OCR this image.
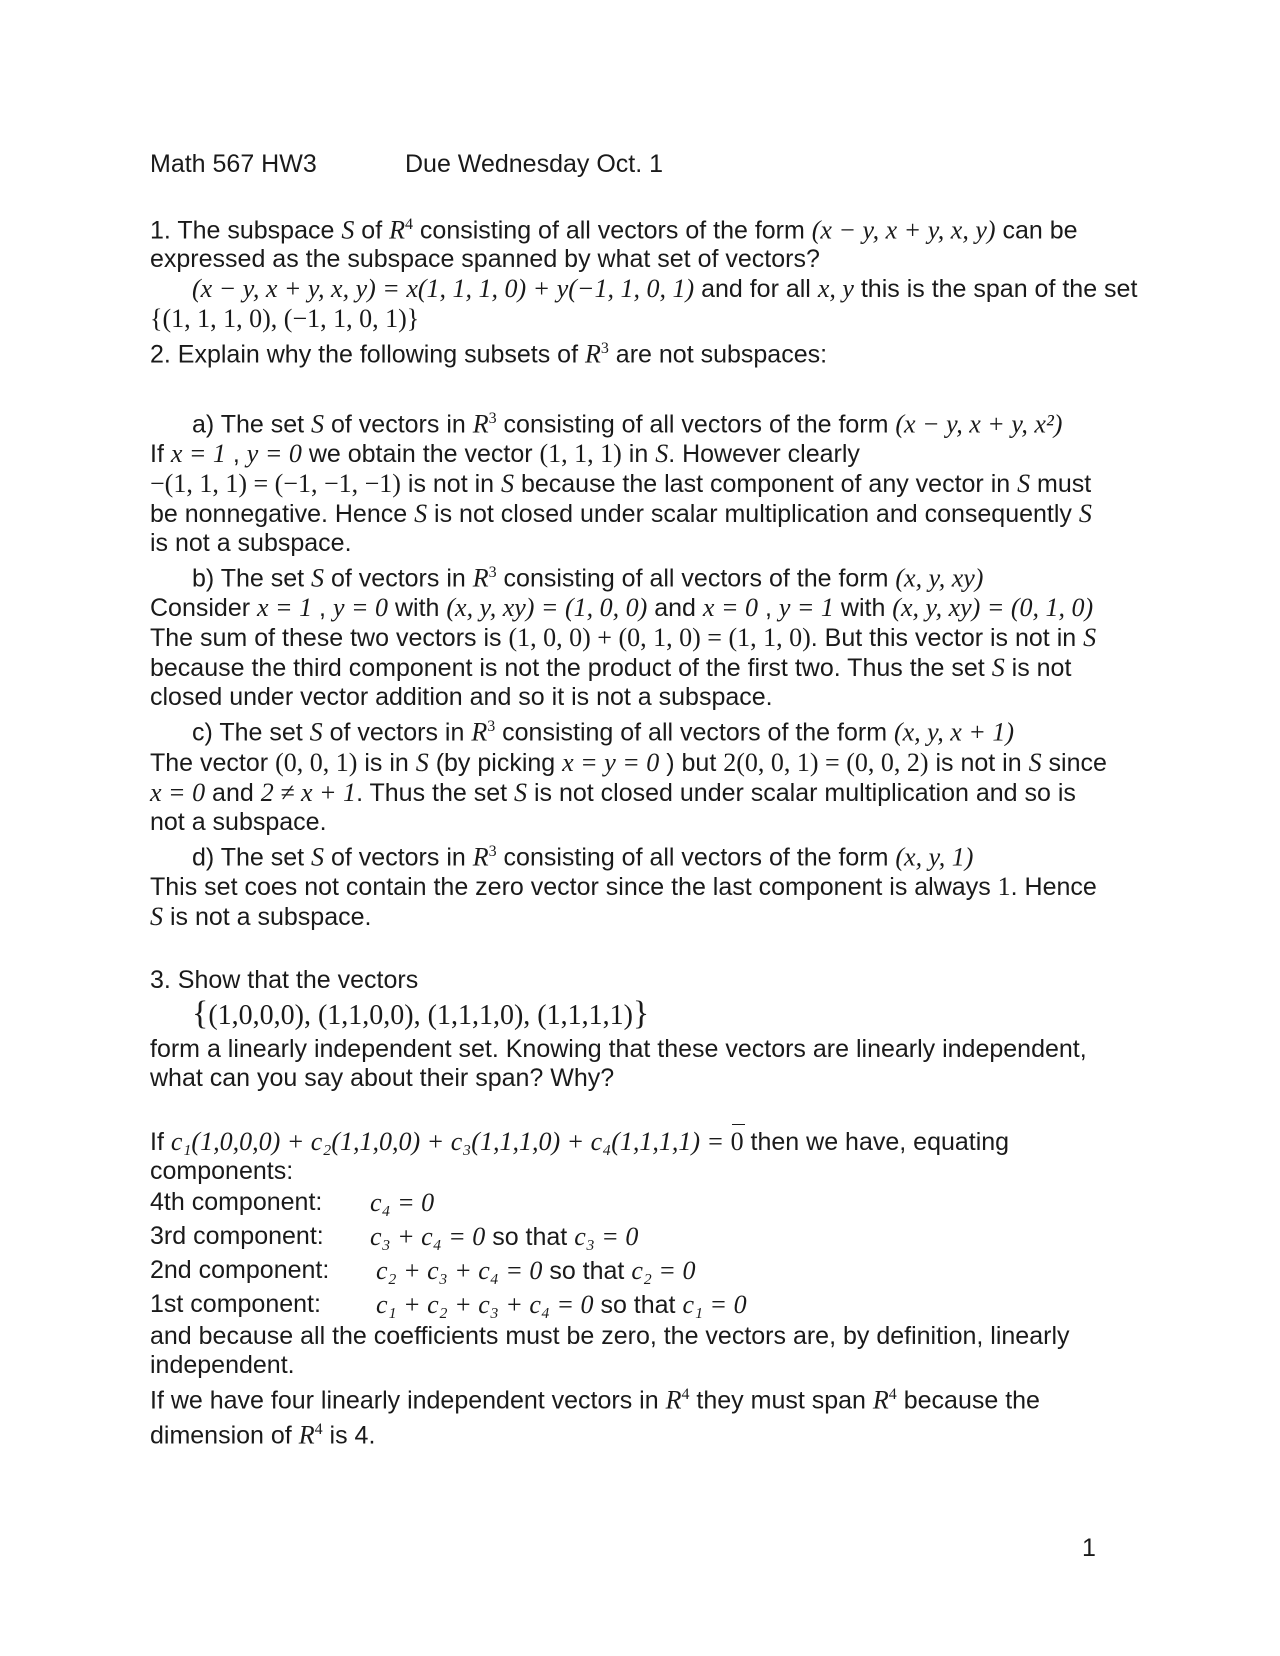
Math 567 HW3	Due Wednesday Oct. 1
1. The subspace S of $R^4$ consisting of all vectors of the form (x − y, x + y, x, y) can be
expressed as the subspace spanned by what set of vectors?
(x − y, x + y, x, y) = x(1, 1, 1, 0) + y(−1, 1, 0, 1) and for all x, y this is the span of the set
{(1, 1, 1, 0), (−1, 1, 0, 1)}
2. Explain why the following subsets of $R^3$ are not subspaces:
a) The set S of vectors in $R^3$ consisting of all vectors of the form (x − y, x + y, x²)
If x = 1 , y = 0 we obtain the vector (1, 1, 1) in S. However clearly
−(1, 1, 1) = (−1, −1, −1) is not in S because the last component of any vector in S must
be nonnegative. Hence S is not closed under scalar multiplication and consequently S
is not a subspace.
b) The set S of vectors in $R^3$ consisting of all vectors of the form (x, y, xy)
Consider x = 1 , y = 0 with (x, y, xy) = (1, 0, 0) and x = 0 , y = 1 with (x, y, xy) = (0, 1, 0)
The sum of these two vectors is (1, 0, 0) + (0, 1, 0) = (1, 1, 0). But this vector is not in S
because the third component is not the product of the first two. Thus the set S is not
closed under vector addition and so it is not a subspace.
c) The set S of vectors in $R^3$ consisting of all vectors of the form (x, y, x + 1)
The vector (0, 0, 1) is in S (by picking x = y = 0 ) but 2(0, 0, 1) = (0, 0, 2) is not in S since
x = 0 and 2 ≠ x + 1. Thus the set S is not closed under scalar multiplication and so is
not a subspace.
d) The set S of vectors in $R^3$ consisting of all vectors of the form (x, y, 1)
This set coes not contain the zero vector since the last component is always 1. Hence
S is not a subspace.
3. Show that the vectors
{(1,0,0,0), (1,1,0,0), (1,1,1,0), (1,1,1,1)}
form a linearly independent set. Knowing that these vectors are linearly independent,
what can you say about their span? Why?
If c₁(1,0,0,0) + c₂(1,1,0,0) + c₃(1,1,1,0) + c₄(1,1,1,1) = 0 then we have, equating
components:
4th component:	c₄ = 0
3rd component:	c₃ + c₄ = 0 so that c₃ = 0
2nd component:	c₂ + c₃ + c₄ = 0 so that c₂ = 0
1st component:	c₁ + c₂ + c₃ + c₄ = 0 so that c₁ = 0
and because all the coefficients must be zero, the vectors are, by definition, linearly
independent.
If we have four linearly independent vectors in $R^4$ they must span $R^4$ because the
dimension of $R^4$ is 4.
1
